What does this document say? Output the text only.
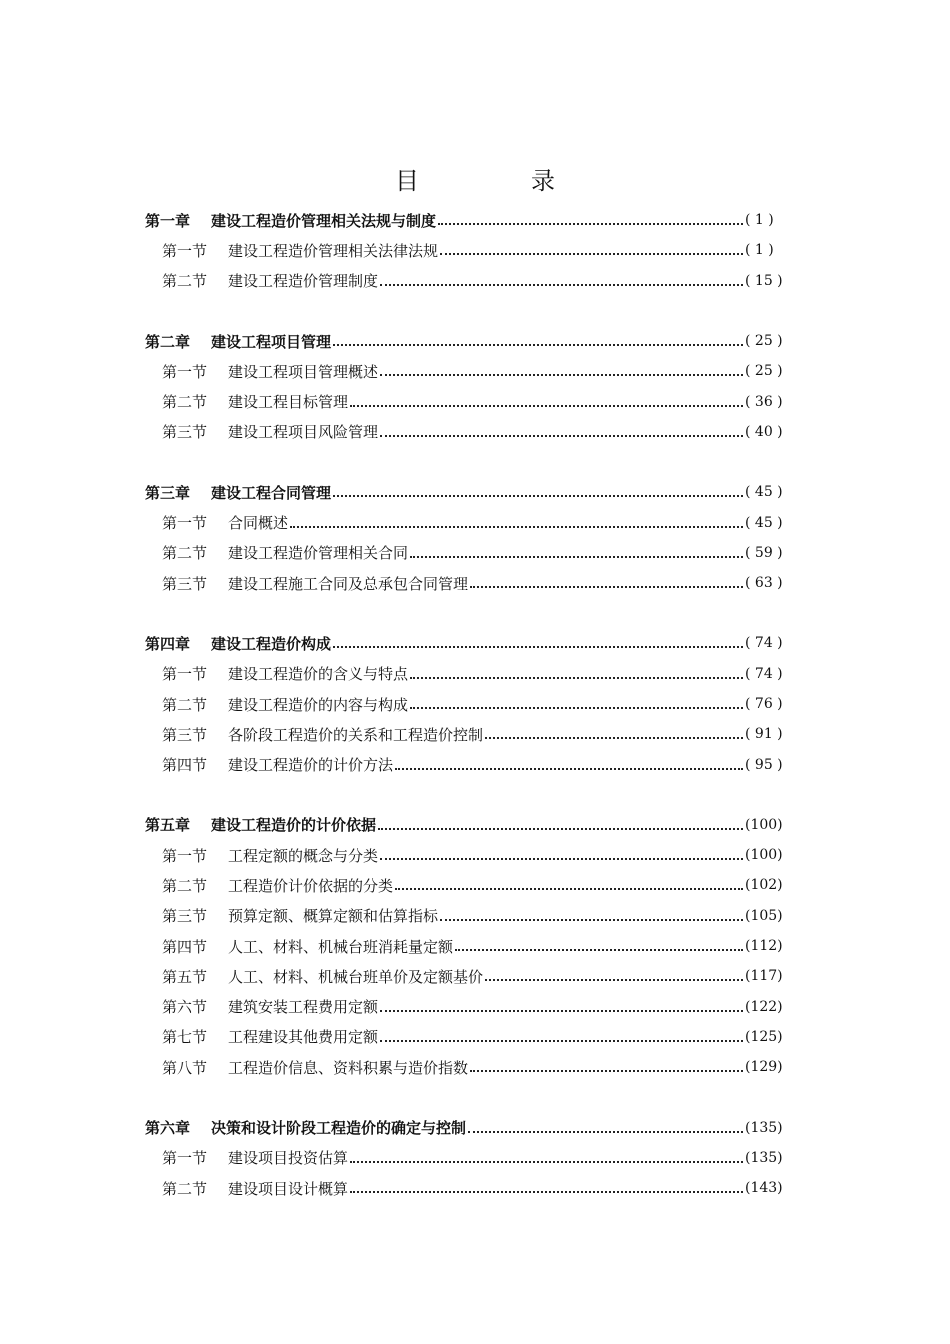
目　录
第一章	建设工程造价管理相关法规与制度	( 1 )
第一节	建设工程造价管理相关法律法规	( 1 )
第二节	建设工程造价管理制度	( 15 )
第二章	建设工程项目管理	( 25 )
第一节	建设工程项目管理概述	( 25 )
第二节	建设工程目标管理	( 36 )
第三节	建设工程项目风险管理	( 40 )
第三章	建设工程合同管理	( 45 )
第一节	合同概述	( 45 )
第二节	建设工程造价管理相关合同	( 59 )
第三节	建设工程施工合同及总承包合同管理	( 63 )
第四章	建设工程造价构成	( 74 )
第一节	建设工程造价的含义与特点	( 74 )
第二节	建设工程造价的内容与构成	( 76 )
第三节	各阶段工程造价的关系和工程造价控制	( 91 )
第四节	建设工程造价的计价方法	( 95 )
第五章	建设工程造价的计价依据	(100)
第一节	工程定额的概念与分类	(100)
第二节	工程造价计价依据的分类	(102)
第三节	预算定额、概算定额和估算指标	(105)
第四节	人工、材料、机械台班消耗量定额	(112)
第五节	人工、材料、机械台班单价及定额基价	(117)
第六节	建筑安装工程费用定额	(122)
第七节	工程建设其他费用定额	(125)
第八节	工程造价信息、资料积累与造价指数	(129)
第六章	决策和设计阶段工程造价的确定与控制	(135)
第一节	建设项目投资估算	(135)
第二节	建设项目设计概算	(143)
